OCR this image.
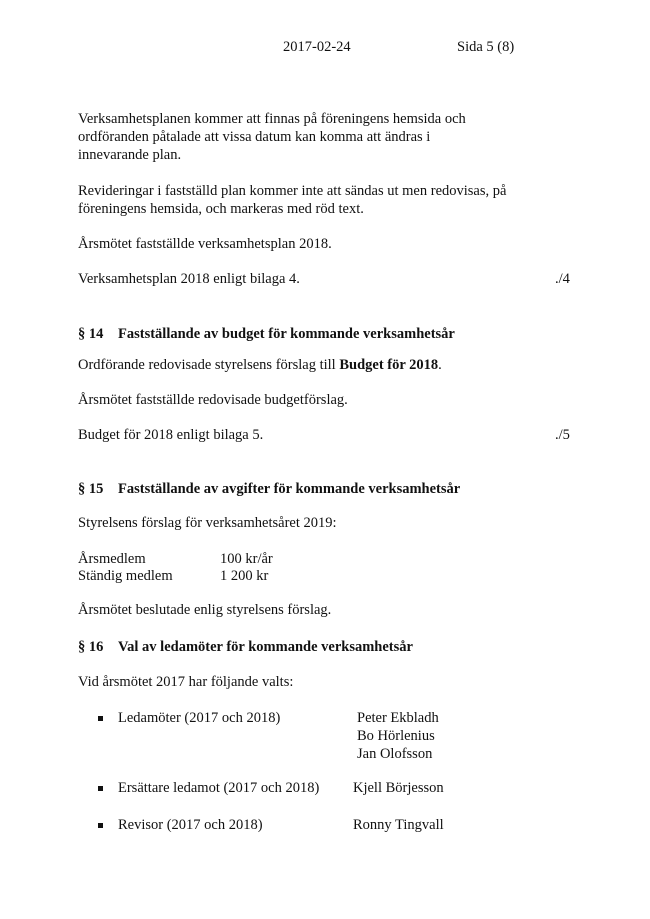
2017-02-24	Sida 5 (8)
Verksamhetsplanen kommer att finnas på föreningens hemsida och
ordföranden påtalade att vissa datum kan komma att ändras i
innevarande plan.
Revideringar i fastställd plan kommer inte att sändas ut men redovisas, på
föreningens hemsida, och markeras med röd text.
Årsmötet fastställde verksamhetsplan 2018.
Verksamhetsplan 2018 enligt bilaga 4.	./4
§ 14 Fastställande av budget för kommande verksamhetsår
Ordförande redovisade styrelsens förslag till Budget för 2018.
Årsmötet fastställde redovisade budgetförslag.
Budget för 2018 enligt bilaga 5.	./5
§ 15 Fastställande av avgifter för kommande verksamhetsår
Styrelsens förslag för verksamhetsåret 2019:
Årsmedlem	100 kr/år
Ständig medlem	1 200 kr
Årsmötet beslutade enlig styrelsens förslag.
§ 16 Val av ledamöter för kommande verksamhetsår
Vid årsmötet 2017 har följande valts:
Ledamöter (2017 och 2018)	Peter Ekbladh
Bo Hörlenius
Jan Olofsson
Ersättare ledamot (2017 och 2018) Kjell Börjesson
Revisor (2017 och 2018)	Ronny Tingvall
